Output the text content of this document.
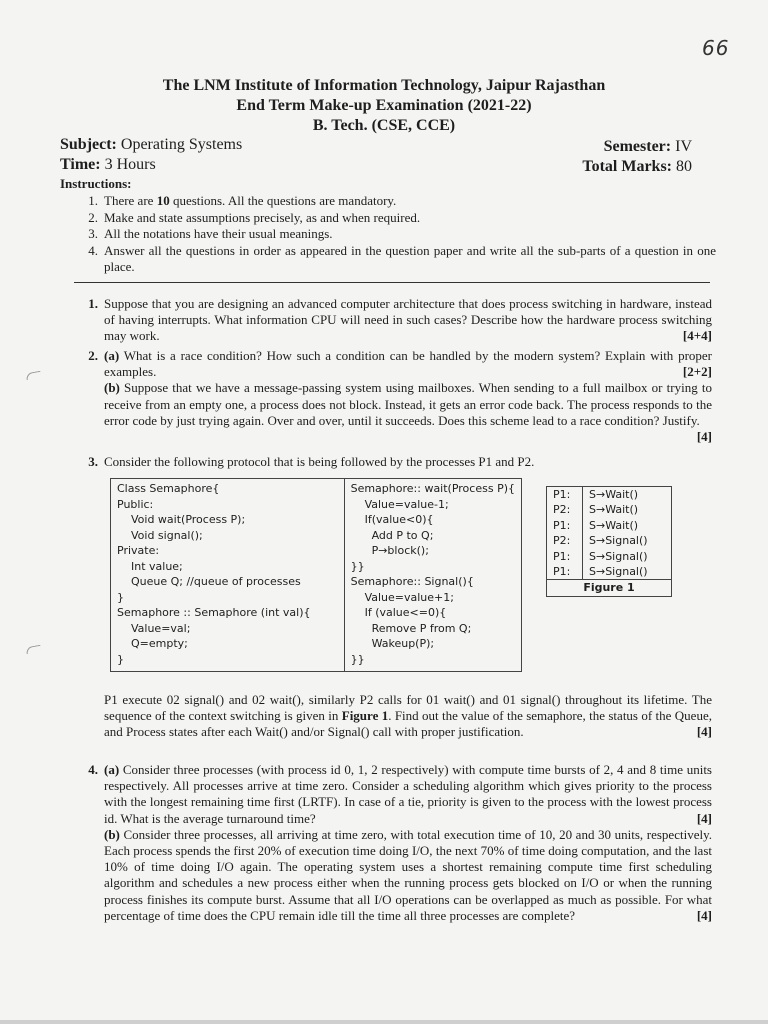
66
The LNM Institute of Information Technology, Jaipur Rajasthan
End Term Make-up Examination (2021-22)
B. Tech. (CSE, CCE)
Subject: Operating Systems
Time: 3 Hours
Semester: IV
Total Marks: 80
Instructions:
1. There are 10 questions. All the questions are mandatory.
2. Make and state assumptions precisely, as and when required.
3. All the notations have their usual meanings.
4. Answer all the questions in order as appeared in the question paper and write all the sub-parts of a question in one place.
1. Suppose that you are designing an advanced computer architecture that does process switching in hardware, instead of having interrupts. What information CPU will need in such cases? Describe how the hardware process switching may work.	[4+4]
2. (a) What is a race condition? How such a condition can be handled by the modern system? Explain with proper examples.	[2+2]

(b) Suppose that we have a message-passing system using mailboxes. When sending to a full mailbox or trying to receive from an empty one, a process does not block. Instead, it gets an error code back. The process responds to the error code by just trying again. Over and over, until it succeeds. Does this scheme lead to a race condition? Justify.
[4]
3. Consider the following protocol that is being followed by the processes P1 and P2.
Class Semaphore{
Public:
Void wait(Process P);
Void signal();
Private:
Int value;
Queue Q; //queue of processes
}
Semaphore :: Semaphore (int val){
Value=val;
Q=empty;
}
Semaphore:: wait(Process P){
Value=value-1;
If(value<0){
Add P to Q;
P→block();
}}
Semaphore:: Signal(){
Value=value+1;
If (value<=0){
Remove P from Q;
Wakeup(P);
}}
P1:	S→Wait()
P2:	S→Wait()
P1:	S→Wait()
P2:	S→Signal()
P1:	S→Signal()
P1:	S→Signal()
Figure 1
P1 execute 02 signal() and 02 wait(), similarly P2 calls for 01 wait() and 01 signal() throughout its lifetime. The sequence of the context switching is given in Figure 1. Find out the value of the semaphore, the status of the Queue, and Process states after each Wait() and/or Signal() call with proper justification.	[4]
4. (a) Consider three processes (with process id 0, 1, 2 respectively) with compute time bursts of 2, 4 and 8 time units respectively. All processes arrive at time zero. Consider a scheduling algorithm which gives priority to the process with the longest remaining time first (LRTF). In case of a tie, priority is given to the process with the lowest process id. What is the average turnaround time?	[4]

(b) Consider three processes, all arriving at time zero, with total execution time of 10, 20 and 30 units, respectively. Each process spends the first 20% of execution time doing I/O, the next 70% of time doing computation, and the last 10% of time doing I/O again. The operating system uses a shortest remaining compute time first scheduling algorithm and schedules a new process either when the running process gets blocked on I/O or when the running process finishes its compute burst. Assume that all I/O operations can be overlapped as much as possible. For what percentage of time does the CPU remain idle till the time all three processes are complete?	[4]
